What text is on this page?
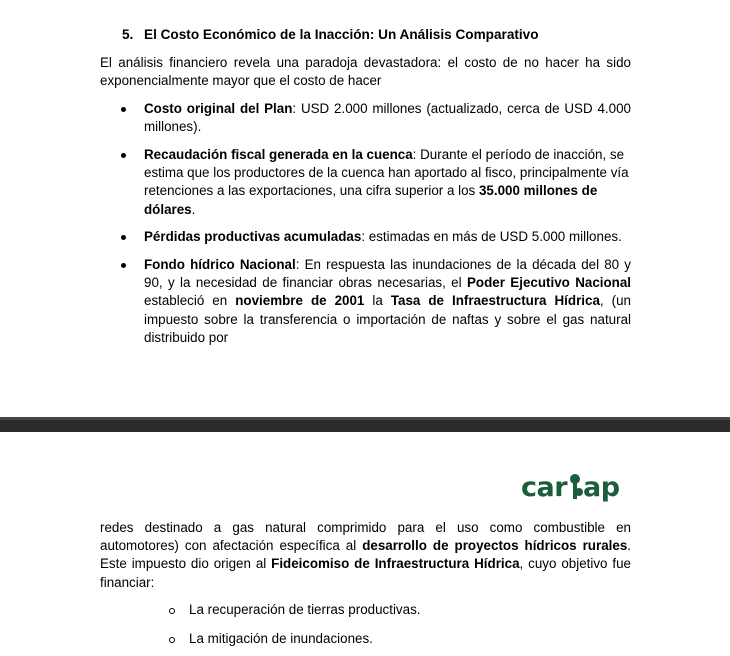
5. El Costo Económico de la Inacción: Un Análisis Comparativo
El análisis financiero revela una paradoja devastadora: el costo de no hacer ha sido exponencialmente mayor que el costo de hacer
Costo original del Plan: USD 2.000 millones (actualizado, cerca de USD 4.000 millones).
Recaudación fiscal generada en la cuenca: Durante el período de inacción, se estima que los productores de la cuenca han aportado al fisco, principalmente vía retenciones a las exportaciones, una cifra superior a los 35.000 millones de dólares.
Pérdidas productivas acumuladas: estimadas en más de USD 5.000 millones.
Fondo hídrico Nacional: En respuesta las inundaciones de la década del 80 y 90, y la necesidad de financiar obras necesarias, el Poder Ejecutivo Nacional estableció en noviembre de 2001 la Tasa de Infraestructura Hídrica, (un impuesto sobre la transferencia o importación de naftas y sobre el gas natural distribuido por
car ap
redes destinado a gas natural comprimido para el uso como combustible en automotores) con afectación específica al desarrollo de proyectos hídricos rurales. Este impuesto dio origen al Fideicomiso de Infraestructura Hídrica, cuyo objetivo fue financiar:
La recuperación de tierras productivas.
La mitigación de inundaciones.
